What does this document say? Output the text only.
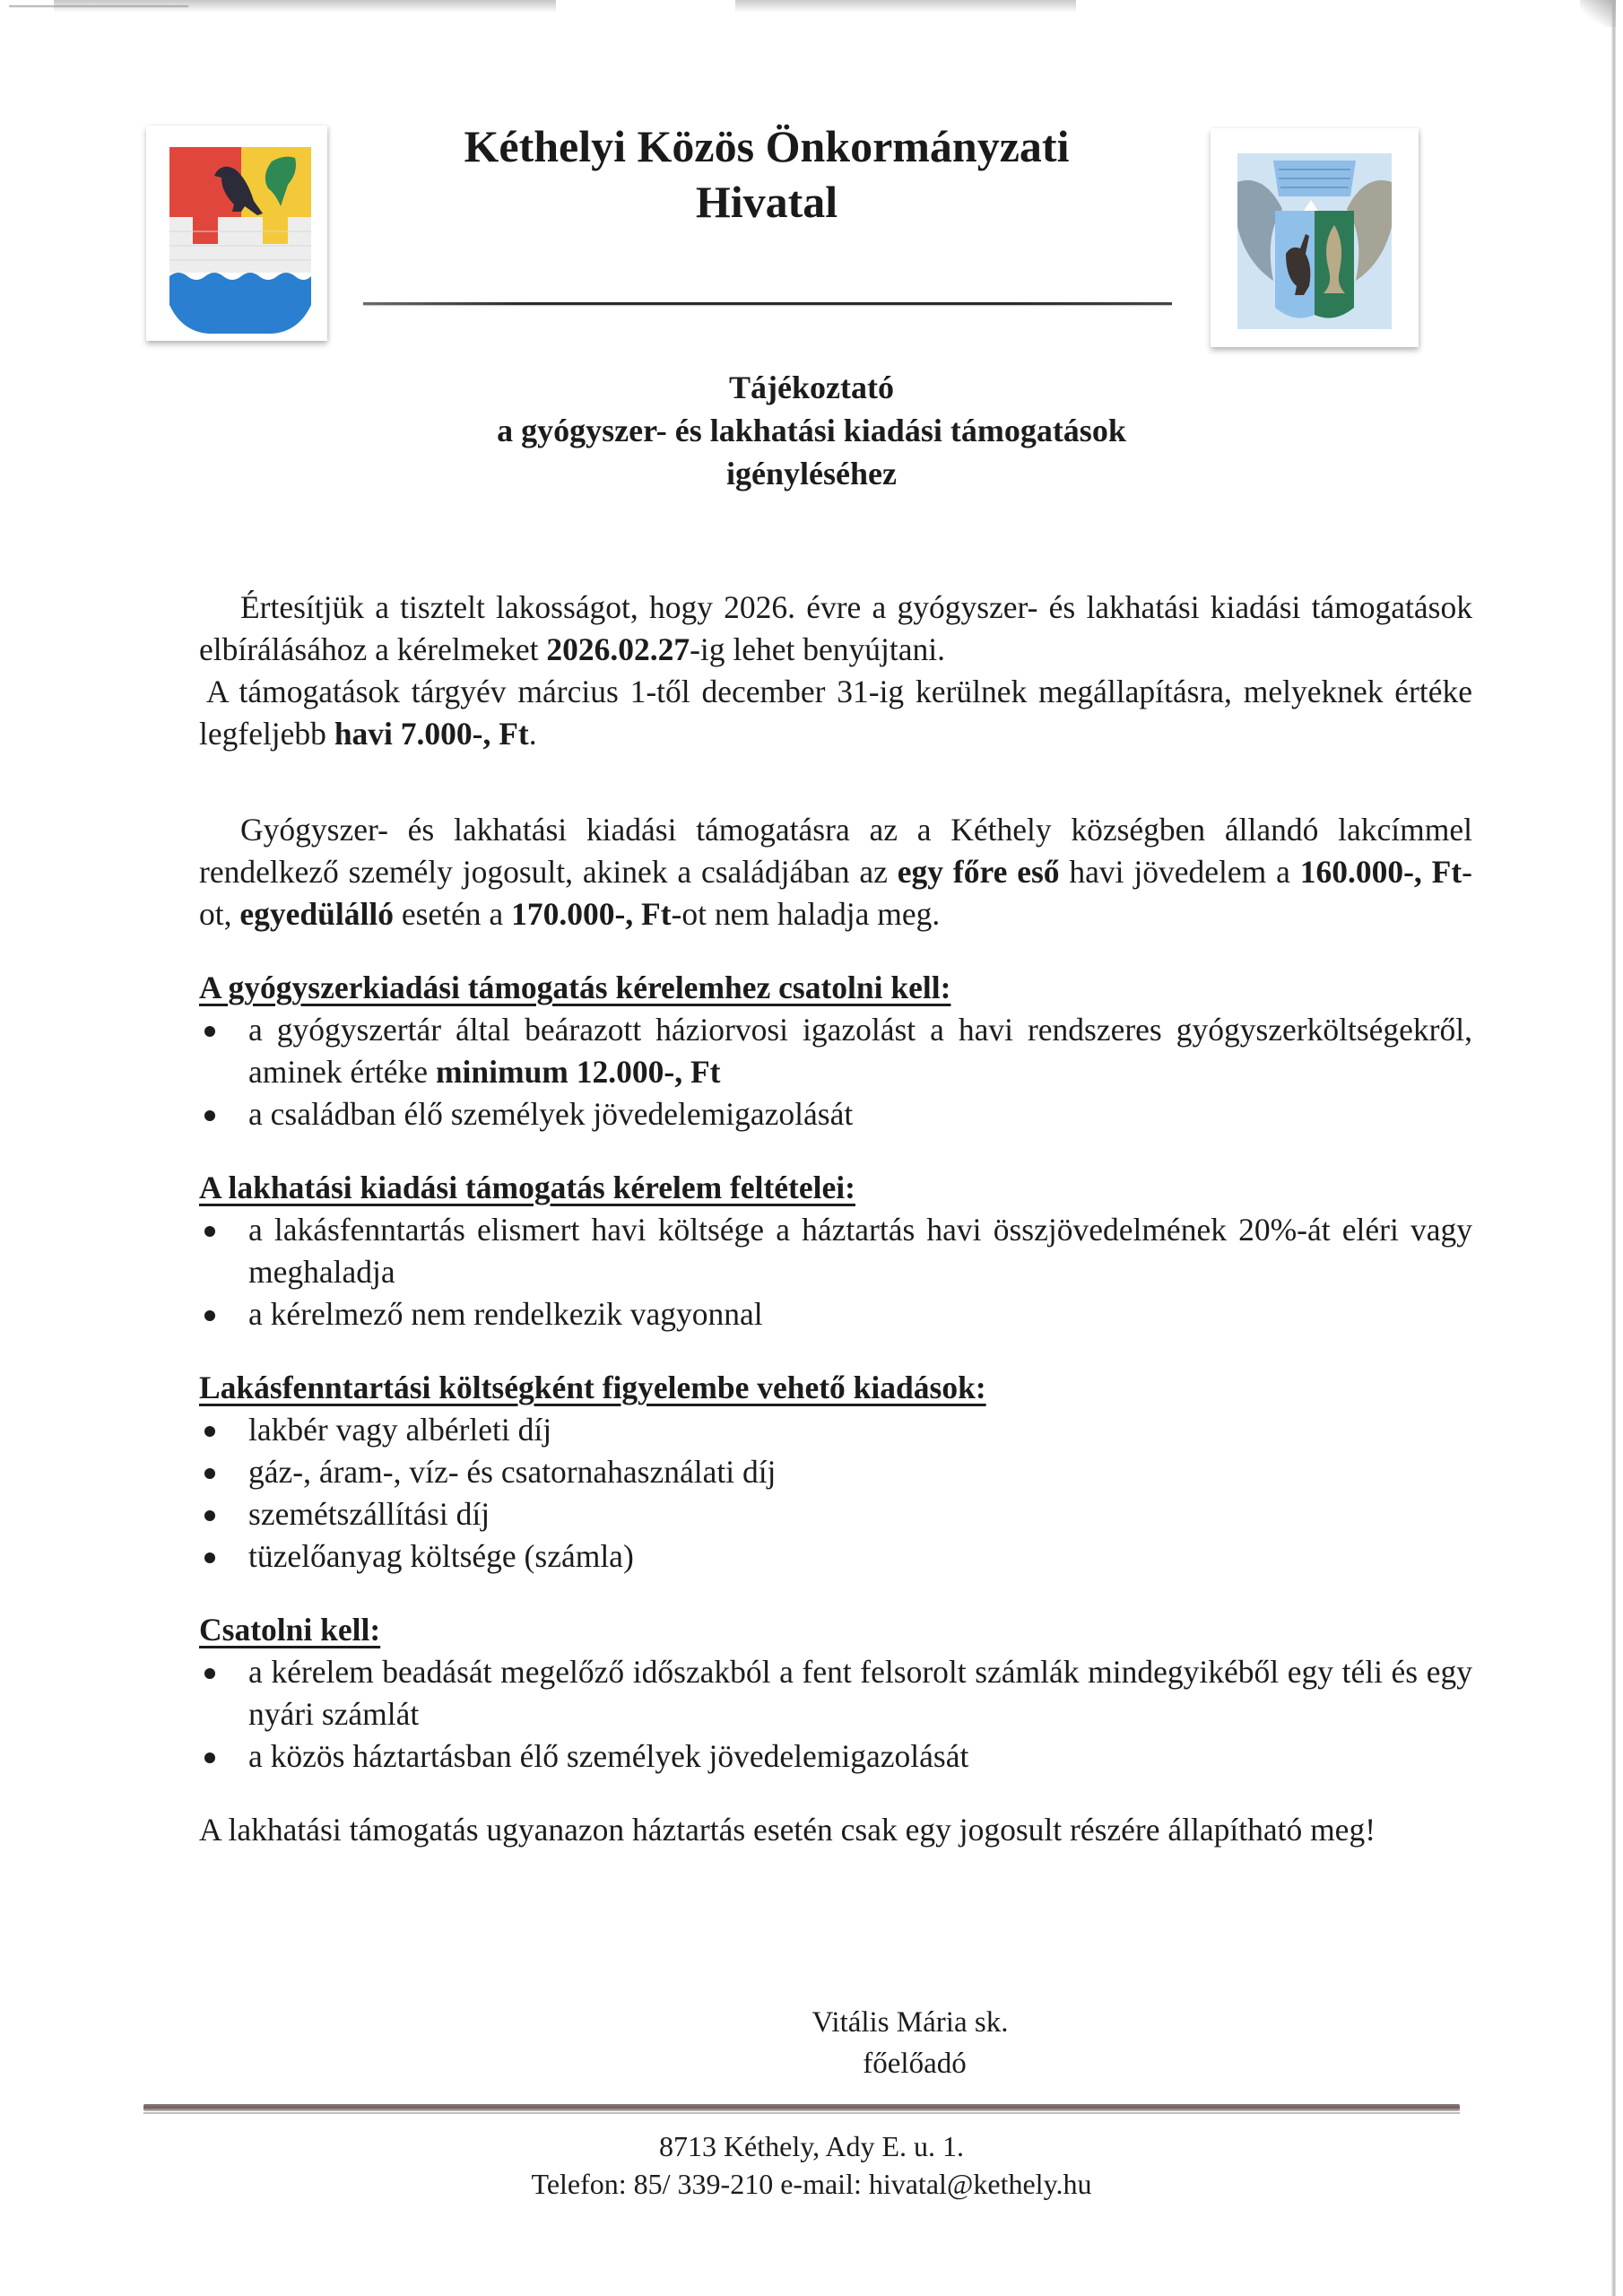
Kéthelyi Közös Önkormányzati
Hivatal
Tájékoztató
a gyógyszer- és lakhatási kiadási támogatások
igényléséhez

Értesítjük a tisztelt lakosságot, hogy 2026. évre a gyógyszer- és lakhatási kiadási támogatások elbírálásához a kérelmeket 2026.02.27-ig lehet benyújtani.
A támogatások tárgyév március 1-től december 31-ig kerülnek megállapításra, melyeknek értéke legfeljebb havi 7.000-, Ft.

Gyógyszer- és lakhatási kiadási támogatásra az a Kéthely községben állandó lakcímmel rendelkező személy jogosult, akinek a családjában az egy főre eső havi jövedelem a 160.000-, Ft-ot, egyedülálló esetén a 170.000-, Ft-ot nem haladja meg.

A gyógyszerkiadási támogatás kérelemhez csatolni kell:
a gyógyszertár által beárazott háziorvosi igazolást a havi rendszeres gyógyszerköltségekről, aminek értéke minimum 12.000-, Ft
a családban élő személyek jövedelemigazolását
A lakhatási kiadási támogatás kérelem feltételei:
a lakásfenntartás elismert havi költsége a háztartás havi összjövedelmének 20%-át eléri vagy meghaladja
a kérelmező nem rendelkezik vagyonnal
Lakásfenntartási költségként figyelembe vehető kiadások:
lakbér vagy albérleti díj
gáz-, áram-, víz- és csatornahasználati díj
szemétszállítási díj
tüzelőanyag költsége (számla)
Csatolni kell:
a kérelem beadását megelőző időszakból a fent felsorolt számlák mindegyikéből egy téli és egy nyári számlát
a közös háztartásban élő személyek jövedelemigazolását

A lakhatási támogatás ugyanazon háztartás esetén csak egy jogosult részére állapítható meg!

Vitális Mária sk.
főelőadó
8713 Kéthely, Ady E. u. 1.
Telefon: 85/ 339-210 e-mail: hivatal@kethely.hu
